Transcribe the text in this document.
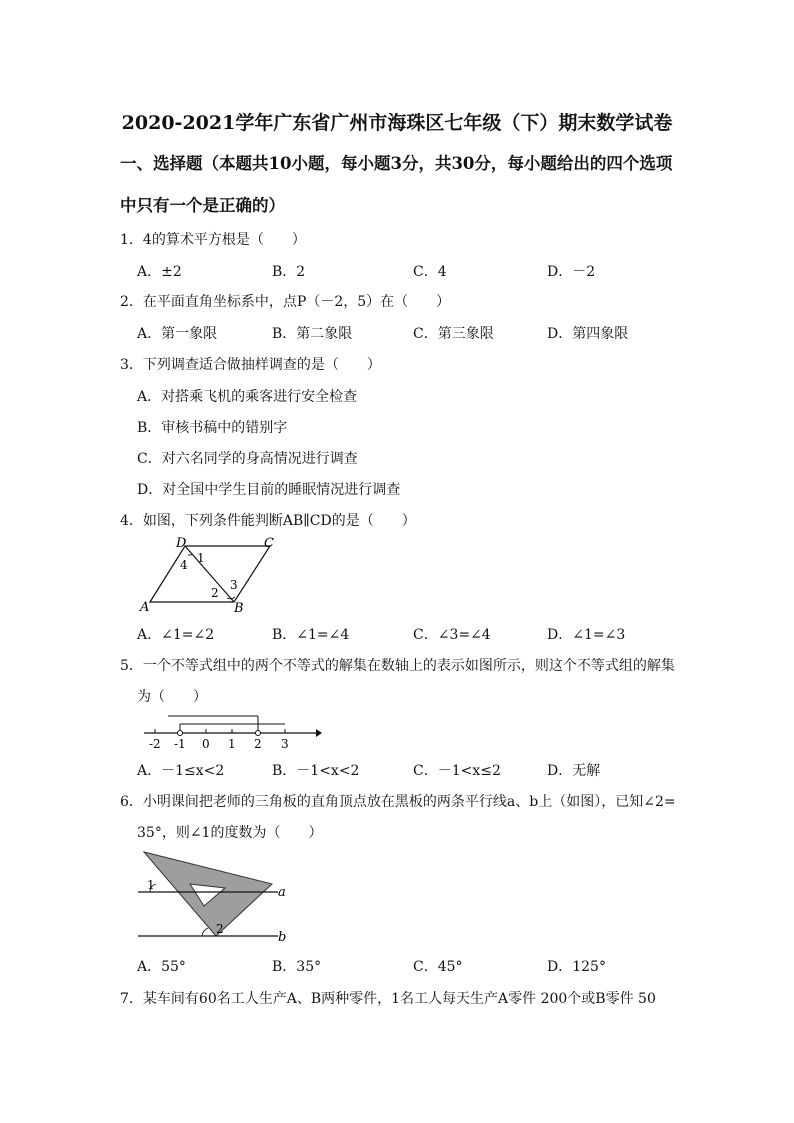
2020-2021学年广东省广州市海珠区七年级（下）期末数学试卷
一、选择题（本题共10小题，每小题3分，共30分，每小题给出的四个选项
中只有一个是正确的）
1．4的算术平方根是（　　）
A．±2	B．2	C．4	D．－2
2．在平面直角坐标系中，点P（－2，5）在（　　）
A．第一象限	B．第二象限	C．第三象限	D．第四象限
3．下列调查适合做抽样调查的是（　　）
A．对搭乘飞机的乘客进行安全检查
B．审核书稿中的错别字
C．对六名同学的身高情况进行调查
D．对全国中学生目前的睡眠情况进行调查
4．如图，下列条件能判断AB∥CD的是（　　）
D	C
A	B
1
4
2
3
A．∠1=∠2	B．∠1=∠4	C．∠3=∠4	D．∠1=∠3
5．一个不等式组中的两个不等式的解集在数轴上的表示如图所示，则这个不等式组的解集
为（　　）
-2 -1 0 1 2 3
A．－1≤x<2	B．－1<x<2	C．－1<x≤2	D．无解
6．小明课间把老师的三角板的直角顶点放在黑板的两条平行线a、b上（如图），已知∠2=
35°，则∠1的度数为（　　）
1
2
a
b
A．55°	B．35°	C．45°	D．125°
7．某车间有60名工人生产A、B两种零件，1名工人每天生产A零件 200个或B零件 50
